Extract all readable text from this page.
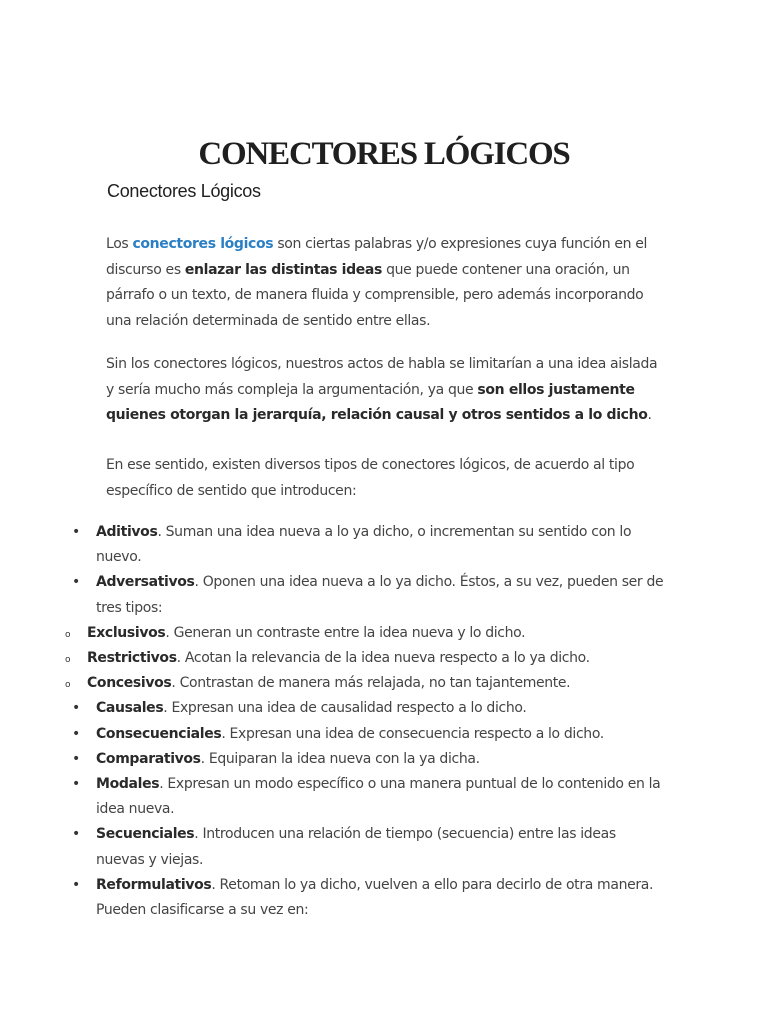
CONECTORES LÓGICOS
Conectores Lógicos

Los conectores lógicos son ciertas palabras y/o expresiones cuya función en el discurso es enlazar las distintas ideas que puede contener una oración, un párrafo o un texto, de manera fluida y comprensible, pero además incorporando una relación determinada de sentido entre ellas.

Sin los conectores lógicos, nuestros actos de habla se limitarían a una idea aislada y sería mucho más compleja la argumentación, ya que son ellos justamente quienes otorgan la jerarquía, relación causal y otros sentidos a lo dicho.

En ese sentido, existen diversos tipos de conectores lógicos, de acuerdo al tipo específico de sentido que introducen:

• Aditivos. Suman una idea nueva a lo ya dicho, o incrementan su sentido con lo nuevo.
• Adversativos. Oponen una idea nueva a lo ya dicho. Éstos, a su vez, pueden ser de tres tipos:
o Exclusivos. Generan un contraste entre la idea nueva y lo dicho.
o Restrictivos. Acotan la relevancia de la idea nueva respecto a lo ya dicho.
o Concesivos. Contrastan de manera más relajada, no tan tajantemente.
• Causales. Expresan una idea de causalidad respecto a lo dicho.
• Consecuenciales. Expresan una idea de consecuencia respecto a lo dicho.
• Comparativos. Equiparan la idea nueva con la ya dicha.
• Modales. Expresan un modo específico o una manera puntual de lo contenido en la idea nueva.
• Secuenciales. Introducen una relación de tiempo (secuencia) entre las ideas nuevas y viejas.
• Reformulativos. Retoman lo ya dicho, vuelven a ello para decirlo de otra manera. Pueden clasificarse a su vez en:
